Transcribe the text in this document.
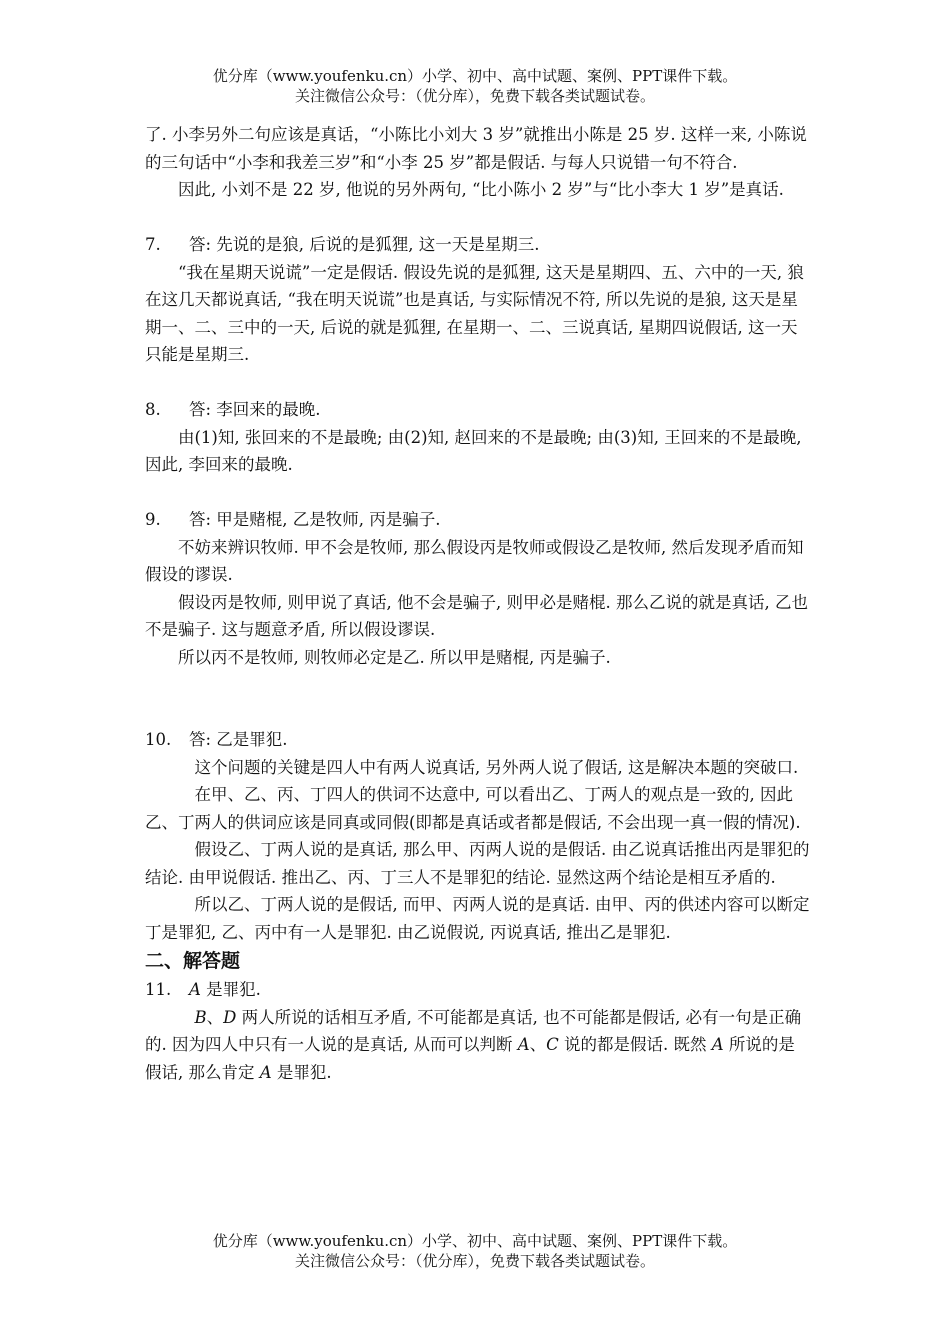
优分库（www.youfenku.cn）小学、初中、高中试题、案例、PPT课件下载。
关注微信公众号：（优分库），免费下载各类试题试卷。

了. 小李另外二句应该是真话，“小陈比小刘大 3 岁”就推出小陈是 25 岁. 这样一来, 小陈说的三句话中“小李和我差三岁”和“小李 25 岁”都是假话. 与每人只说错一句不符合.

因此, 小刘不是 22 岁, 他说的另外两句, “比小陈小 2 岁”与“比小李大 1 岁”是真话.

7. 答: 先说的是狼, 后说的是狐狸, 这一天是星期三.

“我在星期天说谎”一定是假话. 假设先说的是狐狸, 这天是星期四、五、六中的一天, 狼在这几天都说真话, “我在明天说谎”也是真话, 与实际情况不符, 所以先说的是狼, 这天是星期一、二、三中的一天, 后说的就是狐狸, 在星期一、二、三说真话, 星期四说假话, 这一天只能是星期三.

8. 答: 李回来的最晚.

由(1)知, 张回来的不是最晚; 由(2)知, 赵回来的不是最晚; 由(3)知, 王回来的不是最晚, 因此, 李回来的最晚.

9. 答: 甲是赌棍, 乙是牧师, 丙是骗子.

不妨来辨识牧师. 甲不会是牧师, 那么假设丙是牧师或假设乙是牧师, 然后发现矛盾而知假设的谬误.

假设丙是牧师, 则甲说了真话, 他不会是骗子, 则甲必是赌棍. 那么乙说的就是真话, 乙也不是骗子. 这与题意矛盾, 所以假设谬误.

所以丙不是牧师, 则牧师必定是乙. 所以甲是赌棍, 丙是骗子.

10. 答: 乙是罪犯.

这个问题的关键是四人中有两人说真话, 另外两人说了假话, 这是解决本题的突破口.

在甲、乙、丙、丁四人的供词不达意中, 可以看出乙、丁两人的观点是一致的, 因此乙、丁两人的供词应该是同真或同假(即都是真话或者都是假话, 不会出现一真一假的情况).

假设乙、丁两人说的是真话, 那么甲、丙两人说的是假话. 由乙说真话推出丙是罪犯的结论. 由甲说假话. 推出乙、丙、丁三人不是罪犯的结论. 显然这两个结论是相互矛盾的.

所以乙、丁两人说的是假话, 而甲、丙两人说的是真话. 由甲、丙的供述内容可以断定丁是罪犯, 乙、丙中有一人是罪犯. 由乙说假说, 丙说真话, 推出乙是罪犯.

二、解答题

11. A 是罪犯.

B、D 两人所说的话相互矛盾, 不可能都是真话, 也不可能都是假话, 必有一句是正确的. 因为四人中只有一人说的是真话, 从而可以判断 A、C 说的都是假话. 既然 A 所说的是假话, 那么肯定 A 是罪犯.

优分库（www.youfenku.cn）小学、初中、高中试题、案例、PPT课件下载。
关注微信公众号：（优分库），免费下载各类试题试卷。
